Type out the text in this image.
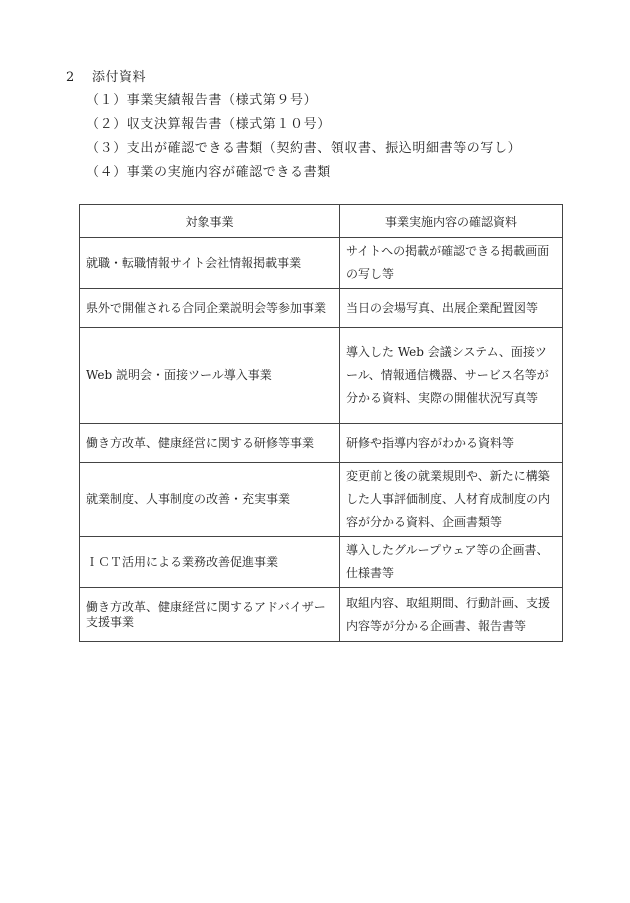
2 添付資料
（１）事業実績報告書（様式第９号）
（２）収支決算報告書（様式第１０号）
（３）支出が確認できる書類（契約書、領収書、振込明細書等の写し）
（４）事業の実施内容が確認できる書類
対象事業	事業実施内容の確認資料
就職・転職情報サイト会社情報掲載事業	サイトへの掲載が確認できる掲載画面の写し等
県外で開催される合同企業説明会等参加事業	当日の会場写真、出展企業配置図等
Web 説明会・面接ツール導入事業	導入した Web 会議システム、面接ツール、情報通信機器、サービス名等が分かる資料、実際の開催状況写真等
働き方改革、健康経営に関する研修等事業	研修や指導内容がわかる資料等
就業制度、人事制度の改善・充実事業	変更前と後の就業規則や、新たに構築した人事評価制度、人材育成制度の内容が分かる資料、企画書類等
ＩＣＴ活用による業務改善促進事業	導入したグループウェア等の企画書、仕様書等
働き方改革、健康経営に関するアドバイザー支援事業	取組内容、取組期間、行動計画、支援内容等が分かる企画書、報告書等
